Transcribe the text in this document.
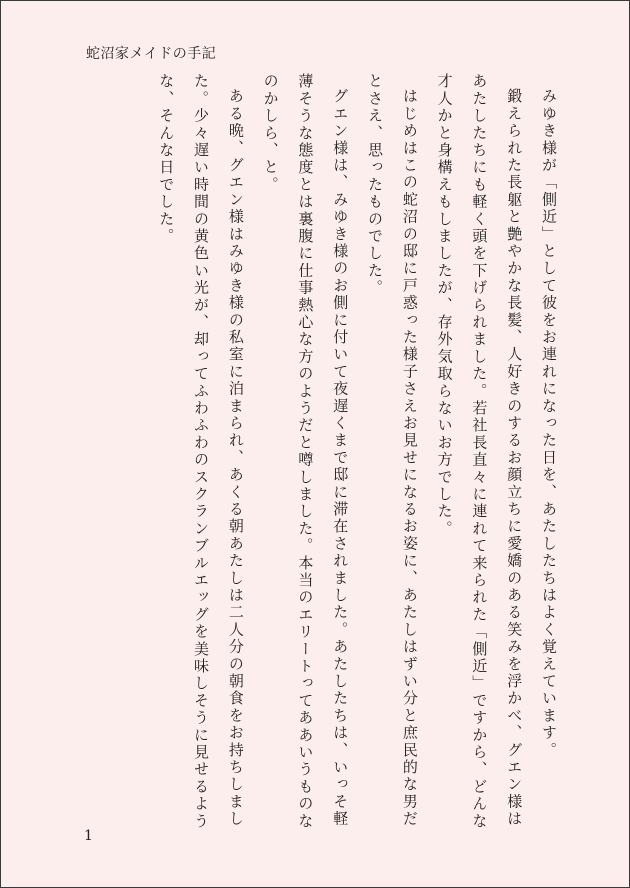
蛇沼家メイドの手記

みゆき様が「側近」として彼をお連れになった日を、あたしたちはよく覚えています。

鍛えられた長躯と艶やかな長髪、人好きのするお顔立ちに愛嬌のある笑みを浮かべ、グエン様はあたしたちにも軽く頭を下げられました。若社長直々に連れて来られた「側近」ですから、どんな才人かと身構えもしましたが、存外気取らないお方でした。

はじめはこの蛇沼の邸に戸惑った様子さえお見せになるお姿に、あたしはずい分と庶民的な男だとさえ、思ったものでした。

グエン様は、みゆき様のお側に付いて夜遅くまで邸に滞在されました。あたしたちは、いっそ軽薄そうな態度とは裏腹に仕事熱心な方のようだと噂しました。本当のエリートってああいうものなのかしら、と。

ある晩、グエン様はみゆき様の私室に泊まられ、あくる朝あたしは二人分の朝食をお持ちしました。少々遅い時間の黄色い光が、却ってふわふわのスクランブルエッグを美味しそうに見せるような、そんな日でした。

1
